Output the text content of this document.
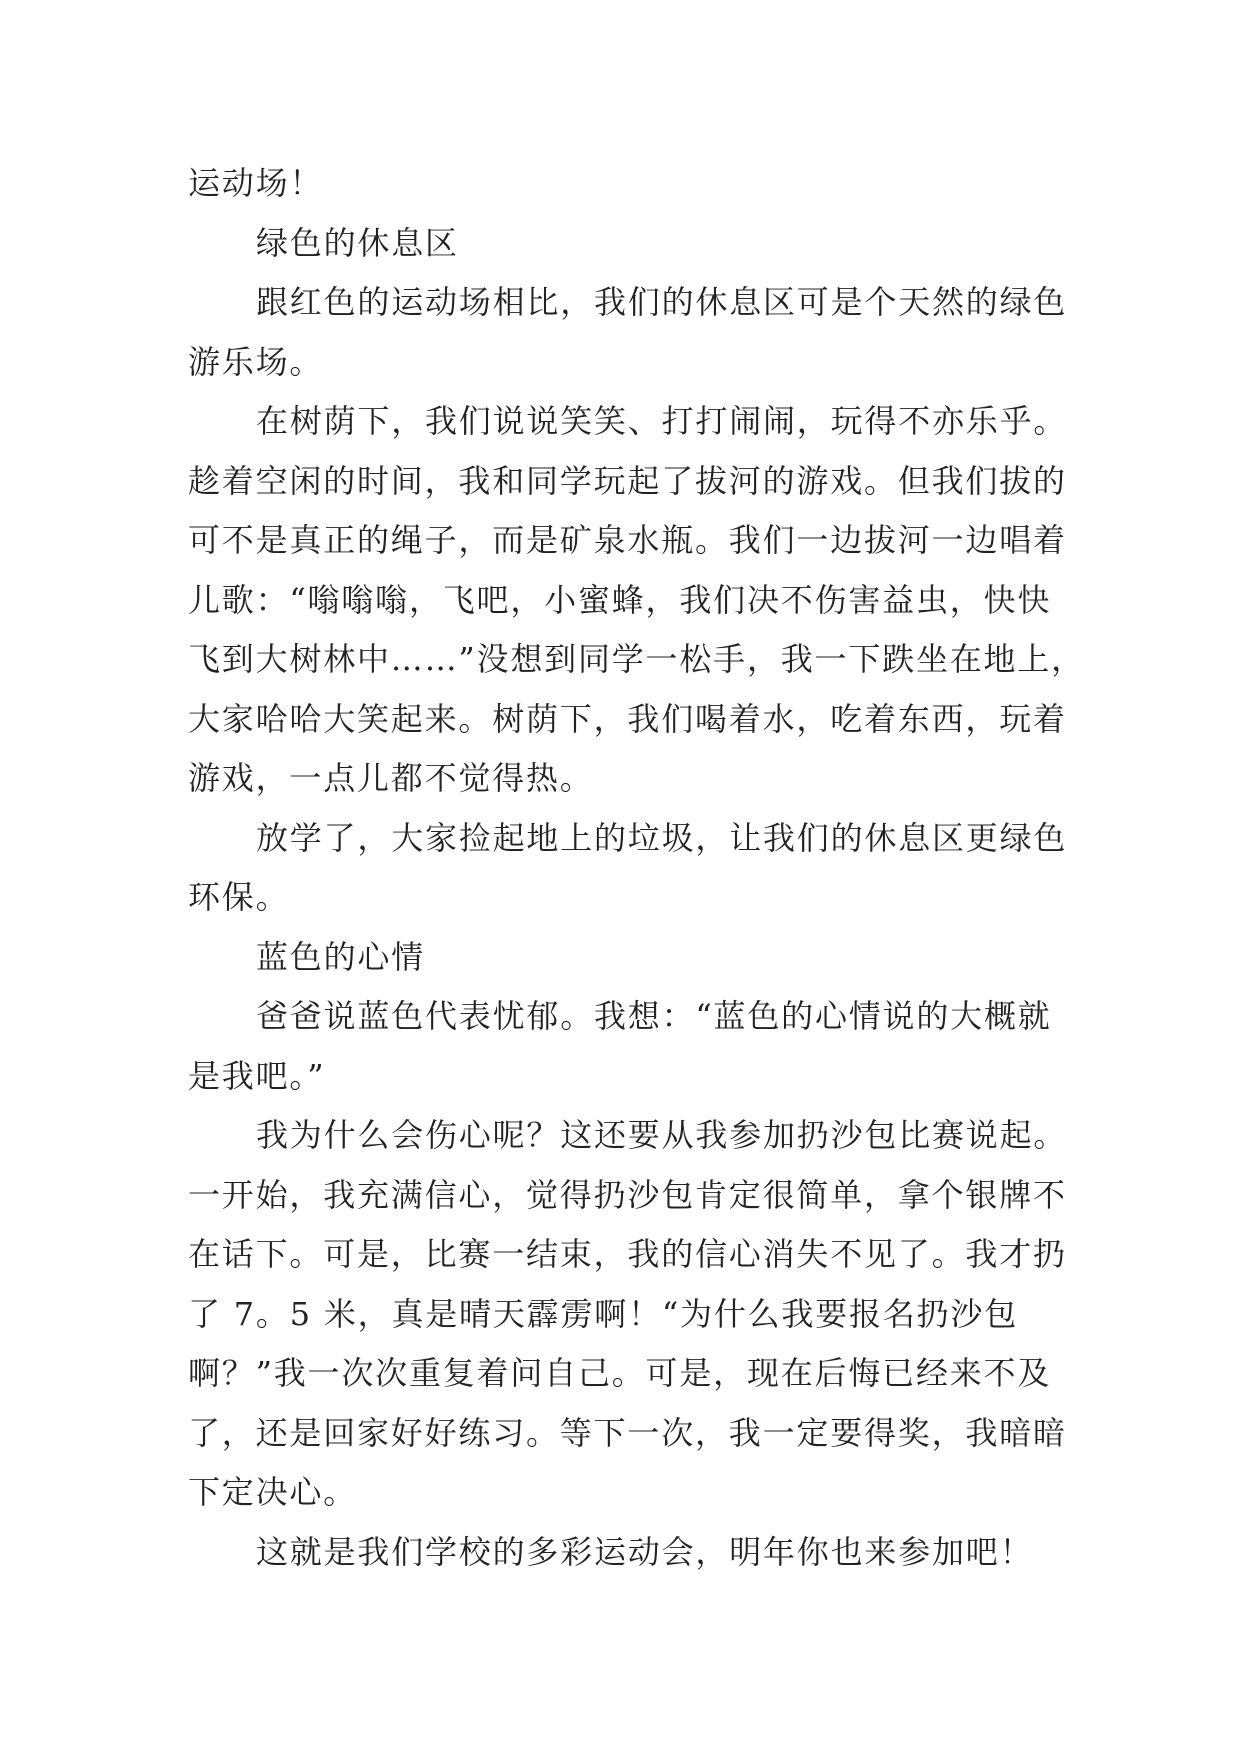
运动场！
绿色的休息区
跟红色的运动场相比，我们的休息区可是个天然的绿色
游乐场。
在树荫下，我们说说笑笑、打打闹闹，玩得不亦乐乎。
趁着空闲的时间，我和同学玩起了拔河的游戏。但我们拔的
可不是真正的绳子，而是矿泉水瓶。我们一边拔河一边唱着
儿歌：“嗡嗡嗡，飞吧，小蜜蜂，我们决不伤害益虫，快快
飞到大树林中……”没想到同学一松手，我一下跌坐在地上，
大家哈哈大笑起来。树荫下，我们喝着水，吃着东西，玩着
游戏，一点儿都不觉得热。
放学了，大家捡起地上的垃圾，让我们的休息区更绿色
环保。
蓝色的心情
爸爸说蓝色代表忧郁。我想：“蓝色的心情说的大概就
是我吧。”
我为什么会伤心呢？这还要从我参加扔沙包比赛说起。
一开始，我充满信心，觉得扔沙包肯定很简单，拿个银牌不
在话下。可是，比赛一结束，我的信心消失不见了。我才扔
了 7。5 米，真是晴天霹雳啊！“为什么我要报名扔沙包
啊？”我一次次重复着问自己。可是，现在后悔已经来不及
了，还是回家好好练习。等下一次，我一定要得奖，我暗暗
下定决心。
这就是我们学校的多彩运动会，明年你也来参加吧！
